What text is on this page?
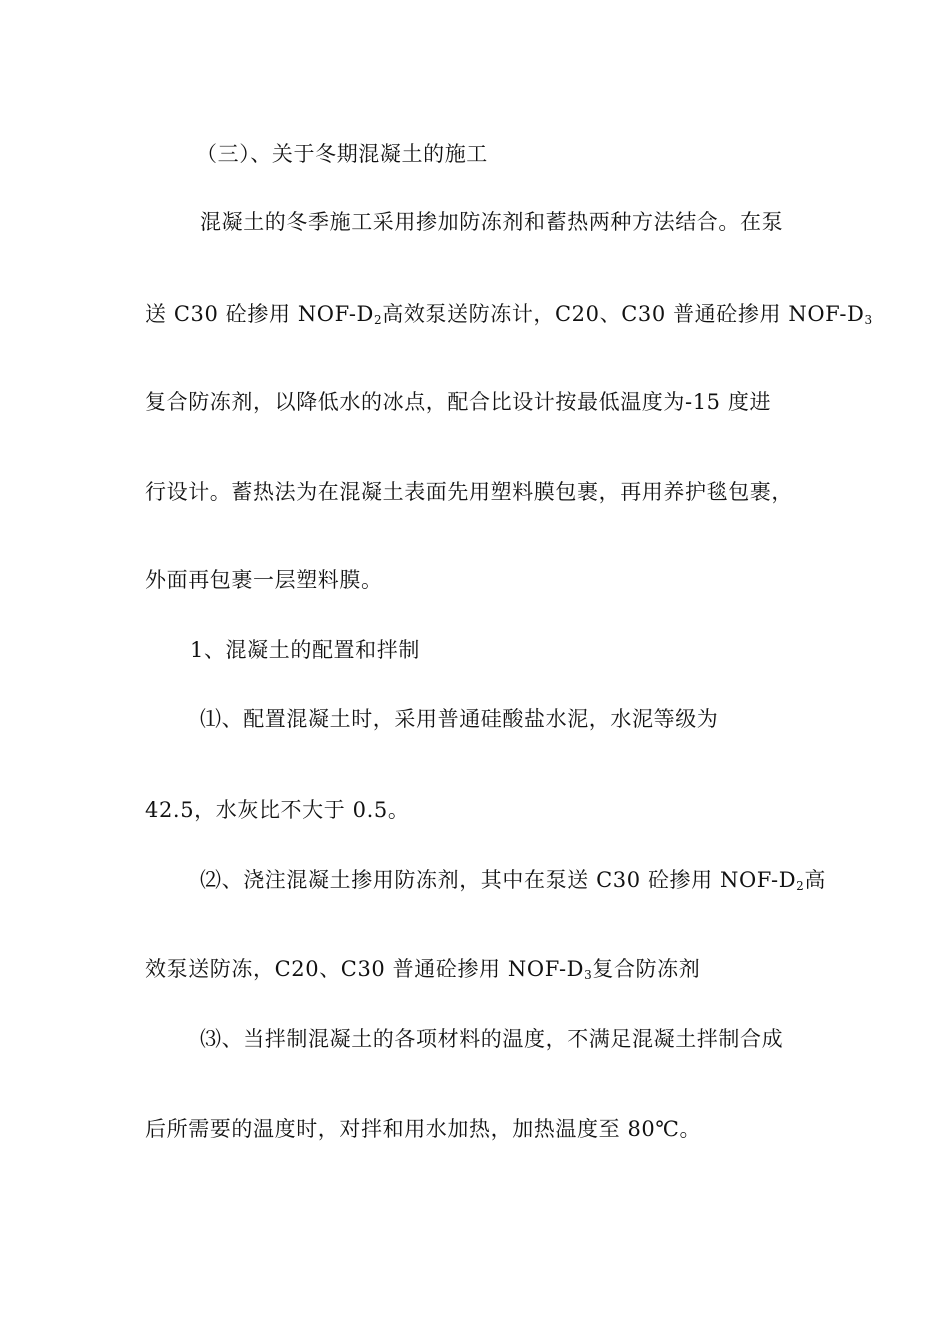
（三）、关于冬期混凝土的施工

混凝土的冬季施工采用掺加防冻剂和蓄热两种方法结合。在泵

送 C30 砼掺用 NOF-$D_2$高效泵送防冻计，C20、C30 普通砼掺用 NOF-$D_3$

复合防冻剂，以降低水的冰点，配合比设计按最低温度为-15 度进

行设计。蓄热法为在混凝土表面先用塑料膜包裹，再用养护毯包裹，

外面再包裹一层塑料膜。

1、混凝土的配置和拌制

⑴、配置混凝土时，采用普通硅酸盐水泥，水泥等级为

42.5，水灰比不大于 0.5。

⑵、浇注混凝土掺用防冻剂，其中在泵送 C30 砼掺用 NOF-$D_2$高

效泵送防冻，C20、C30 普通砼掺用 NOF-$D_3$复合防冻剂

⑶、当拌制混凝土的各项材料的温度，不满足混凝土拌制合成

后所需要的温度时，对拌和用水加热，加热温度至 80℃。
